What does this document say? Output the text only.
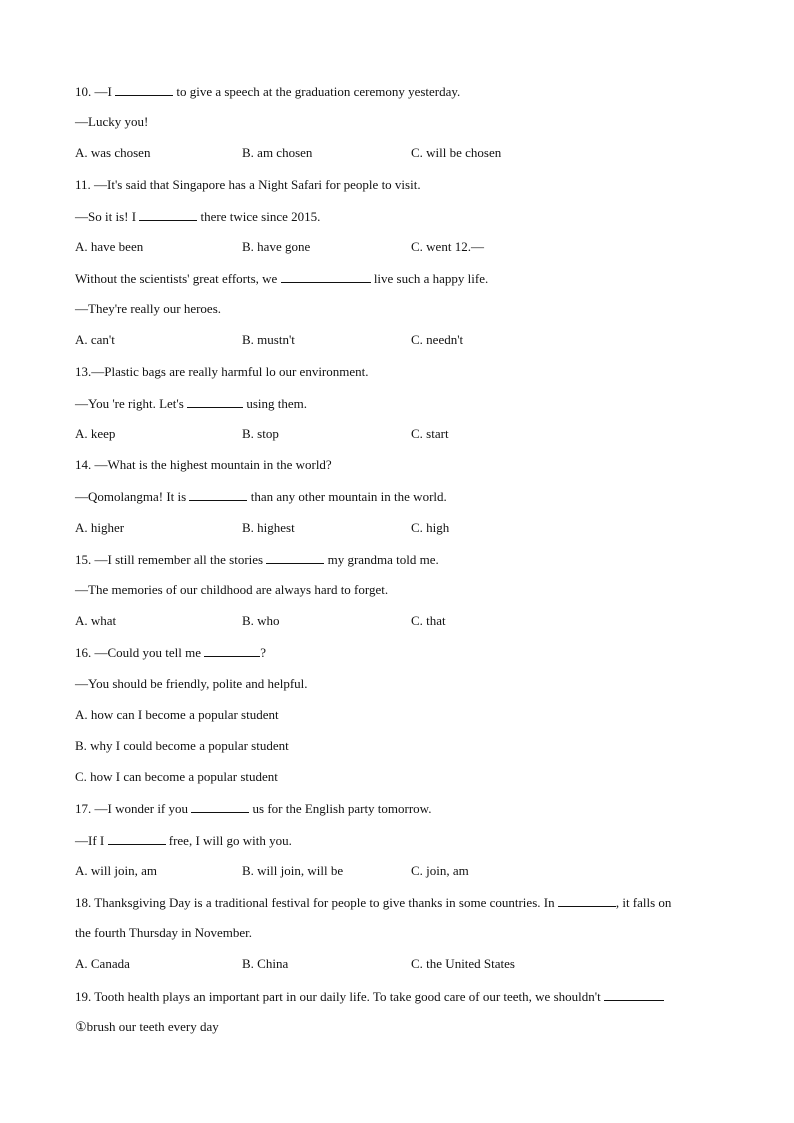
10. —I	to give a speech at the graduation ceremony yesterday.
—Lucky you!
A. was chosen	B. am chosen	C. will be chosen
11. —It's said that Singapore has a Night Safari for people to visit.
—So it is! I	there twice since 2015.
A. have been	B. have gone	C. went 12.—
Without the scientists' great efforts, we	live such a happy life.
—They're really our heroes.
A. can't	B. mustn't	C. needn't
13.—Plastic bags are really harmful lo our environment.
—You 're right. Let's	using them.
A. keep	B. stop	C. start
14. —What is the highest mountain in the world?
—Qomolangma! It is	than any other mountain in the world.
A. higher	B. highest	C. high
15. —I still remember all the stories	my grandma told me.
—The memories of our childhood are always hard to forget.
A. what	B. who	C. that
16. —Could you tell me	?
—You should be friendly, polite and helpful.
A. how can I become a popular student
B. why I could become a popular student
C. how I can become a popular student
17. —I wonder if you	us for the English party tomorrow.
—If I	free, I will go with you.
A. will join, am	B. will join, will be	C. join, am
18. Thanksgiving Day is a traditional festival for people to give thanks in some countries. In	, it falls on
the fourth Thursday in November.
A. Canada	B. China	C. the United States
19. Tooth health plays an important part in our daily life. To take good care of our teeth, we shouldn't
①brush our teeth every day
